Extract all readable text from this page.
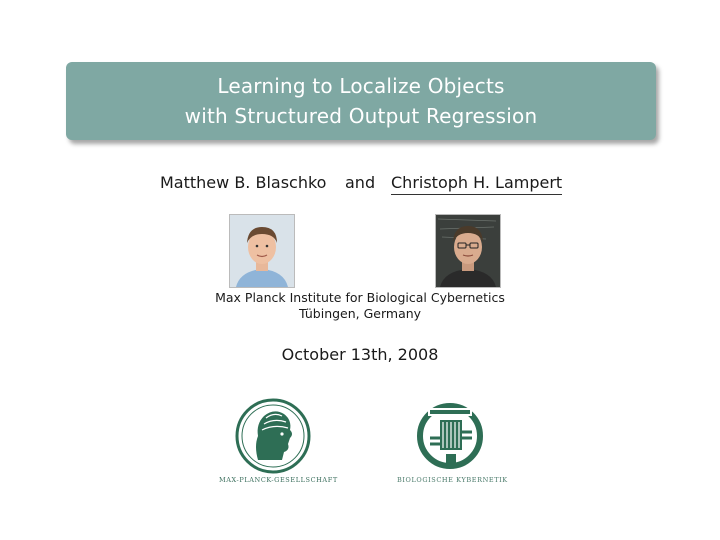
Learning to Localize Objects
with Structured Output Regression
Matthew B. Blaschko and Christoph H. Lampert
Max Planck Institute for Biological Cybernetics
Tübingen, Germany
October 13th, 2008
MAX-PLANCK-GESELLSCHAFT	BIOLOGISCHE KYBERNETIK
